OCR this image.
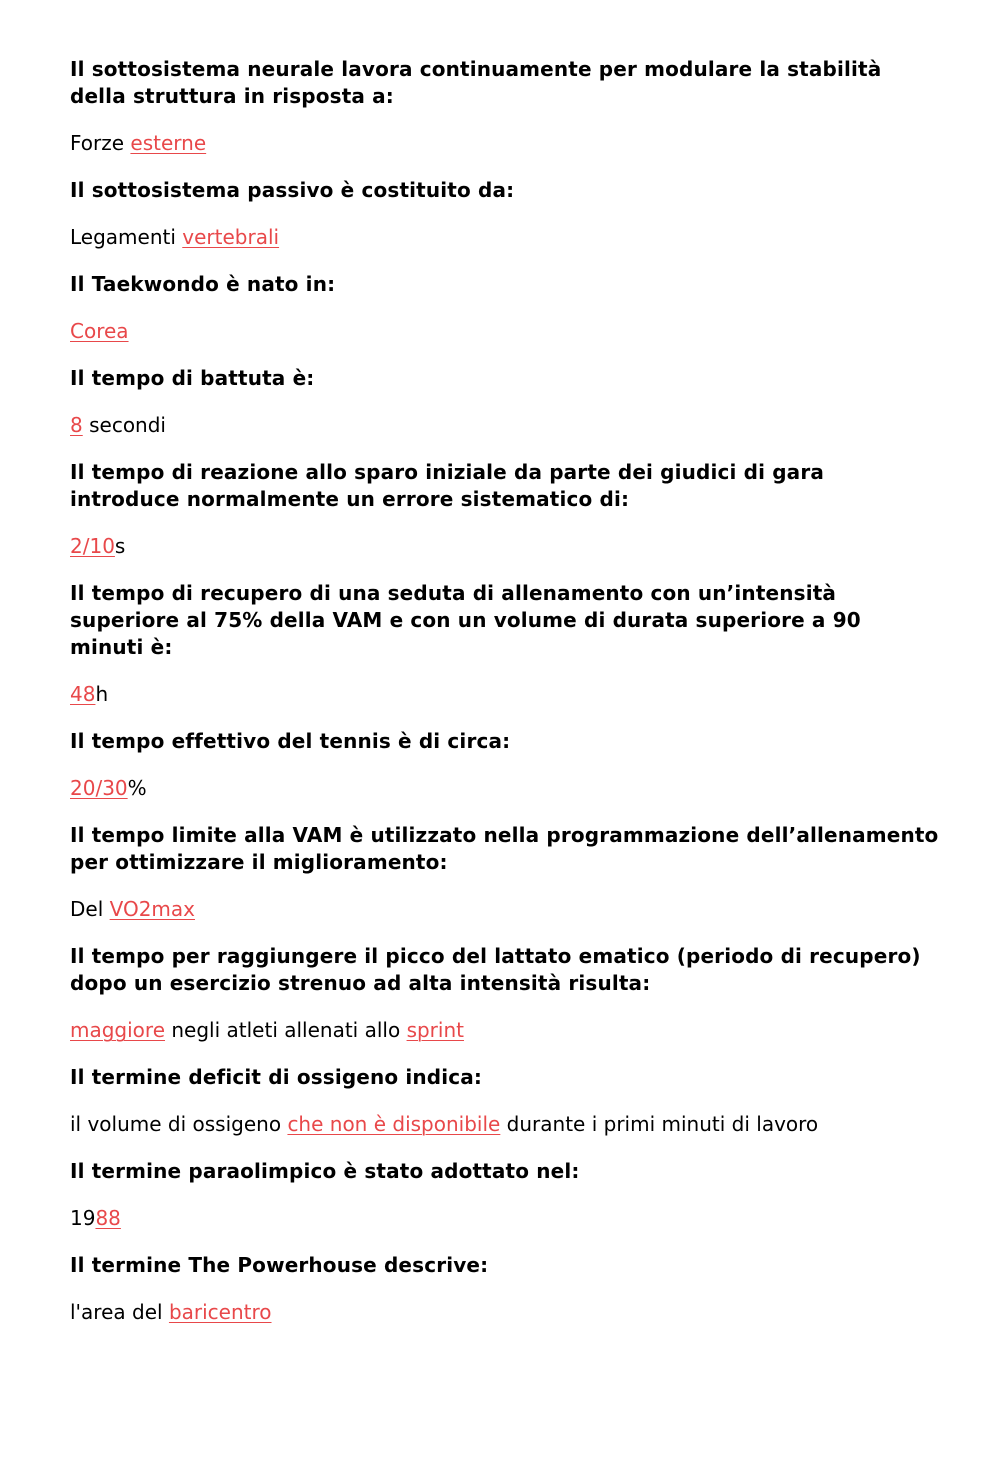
Il sottosistema neurale lavora continuamente per modulare la stabilità della struttura in risposta a:
Forze esterne
Il sottosistema passivo è costituito da:
Legamenti vertebrali
Il Taekwondo è nato in:
Corea
Il tempo di battuta è:
8 secondi
Il tempo di reazione allo sparo iniziale da parte dei giudici di gara introduce normalmente un errore sistematico di:
2/10s
Il tempo di recupero di una seduta di allenamento con un’intensità superiore al 75% della VAM e con un volume di durata superiore a 90 minuti è:
48h
Il tempo effettivo del tennis è di circa:
20/30%
Il tempo limite alla VAM è utilizzato nella programmazione dell’allenamento per ottimizzare il miglioramento:
Del VO2max
Il tempo per raggiungere il picco del lattato ematico (periodo di recupero) dopo un esercizio strenuo ad alta intensità risulta:
maggiore negli atleti allenati allo sprint
Il termine deficit di ossigeno indica:
il volume di ossigeno che non è disponibile durante i primi minuti di lavoro
Il termine paraolimpico è stato adottato nel:
1988
Il termine The Powerhouse descrive:
l'area del baricentro
